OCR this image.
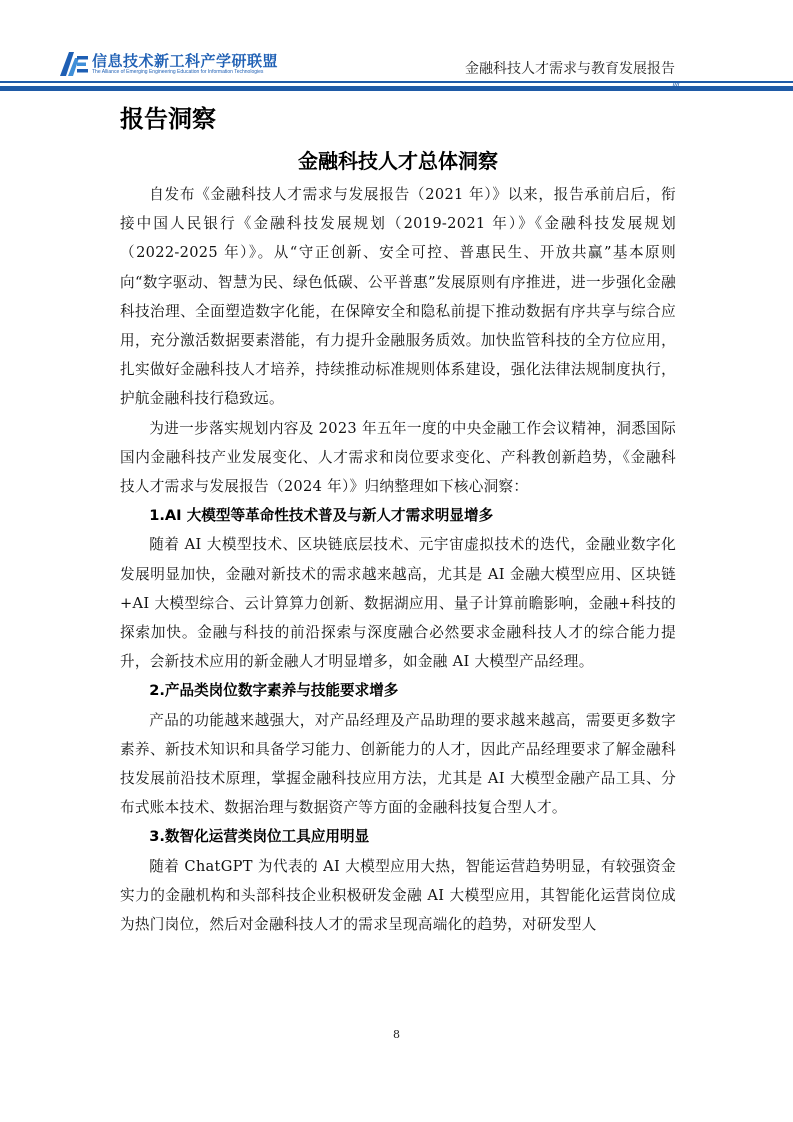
信息技术新工科产学研联盟
The Alliance of Emerging Engineering Education for Information Technologies	金融科技人才需求与教育发展报告
////
报告洞察
金融科技人才总体洞察

自发布《金融科技人才需求与发展报告（2021 年）》以来，报告承前启后，衔接中国人民银行《金融科技发展规划（2019-2021 年）》《金融科技发展规划（2022-2025 年）》。从“守正创新、安全可控、普惠民生、开放共赢”基本原则向“数字驱动、智慧为民、绿色低碳、公平普惠”发展原则有序推进，进一步强化金融科技治理、全面塑造数字化能，在保障安全和隐私前提下推动数据有序共享与综合应用，充分激活数据要素潜能，有力提升金融服务质效。加快监管科技的全方位应用，扎实做好金融科技人才培养，持续推动标准规则体系建设，强化法律法规制度执行，护航金融科技行稳致远。

为进一步落实规划内容及 2023 年五年一度的中央金融工作会议精神，洞悉国际国内金融科技产业发展变化、人才需求和岗位要求变化、产科教创新趋势，《金融科技人才需求与发展报告（2024 年）》归纳整理如下核心洞察：

1.AI 大模型等革命性技术普及与新人才需求明显增多

随着 AI 大模型技术、区块链底层技术、元宇宙虚拟技术的迭代，金融业数字化发展明显加快，金融对新技术的需求越来越高，尤其是 AI 金融大模型应用、区块链+AI 大模型综合、云计算算力创新、数据湖应用、量子计算前瞻影响，金融+科技的探索加快。金融与科技的前沿探索与深度融合必然要求金融科技人才的综合能力提升，会新技术应用的新金融人才明显增多，如金融 AI 大模型产品经理。

2.产品类岗位数字素养与技能要求增多

产品的功能越来越强大，对产品经理及产品助理的要求越来越高，需要更多数字素养、新技术知识和具备学习能力、创新能力的人才，因此产品经理要求了解金融科技发展前沿技术原理，掌握金融科技应用方法，尤其是 AI 大模型金融产品工具、分布式账本技术、数据治理与数据资产等方面的金融科技复合型人才。

3.数智化运营类岗位工具应用明显

随着 ChatGPT 为代表的 AI 大模型应用大热，智能运营趋势明显，有较强资金实力的金融机构和头部科技企业积极研发金融 AI 大模型应用，其智能化运营岗位成为热门岗位，然后对金融科技人才的需求呈现高端化的趋势，对研发型人

8
